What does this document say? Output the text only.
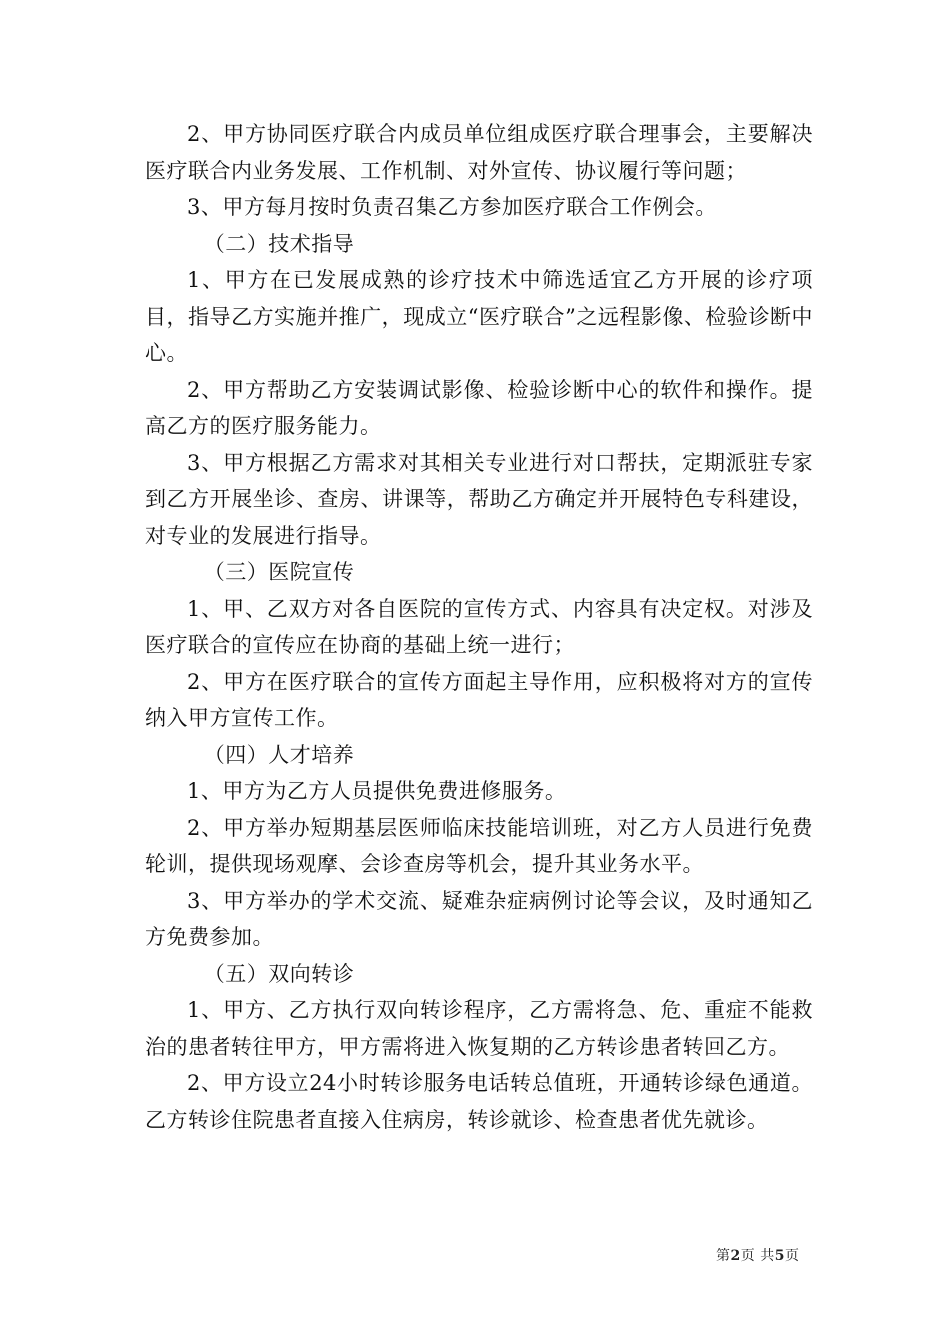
2、甲方协同医疗联合内成员单位组成医疗联合理事会，主要解决医疗联合内业务发展、工作机制、对外宣传、协议履行等问题；

3、甲方每月按时负责召集乙方参加医疗联合工作例会。

（二）技术指导

1、甲方在已发展成熟的诊疗技术中筛选适宜乙方开展的诊疗项目，指导乙方实施并推广，现成立“医疗联合”之远程影像、检验诊断中心。

2、甲方帮助乙方安装调试影像、检验诊断中心的软件和操作。提高乙方的医疗服务能力。

3、甲方根据乙方需求对其相关专业进行对口帮扶，定期派驻专家到乙方开展坐诊、查房、讲课等，帮助乙方确定并开展特色专科建设，对专业的发展进行指导。

（三）医院宣传

1、甲、乙双方对各自医院的宣传方式、内容具有决定权。对涉及医疗联合的宣传应在协商的基础上统一进行；

2、甲方在医疗联合的宣传方面起主导作用，应积极将对方的宣传纳入甲方宣传工作。

（四）人才培养

1、甲方为乙方人员提供免费进修服务。

2、甲方举办短期基层医师临床技能培训班，对乙方人员进行免费轮训，提供现场观摩、会诊查房等机会，提升其业务水平。

3、甲方举办的学术交流、疑难杂症病例讨论等会议，及时通知乙方免费参加。

（五）双向转诊

1、甲方、乙方执行双向转诊程序，乙方需将急、危、重症不能救治的患者转往甲方，甲方需将进入恢复期的乙方转诊患者转回乙方。

2、甲方设立24小时转诊服务电话转总值班，开通转诊绿色通道。乙方转诊住院患者直接入住病房，转诊就诊、检查患者优先就诊。

第2页 共5页
